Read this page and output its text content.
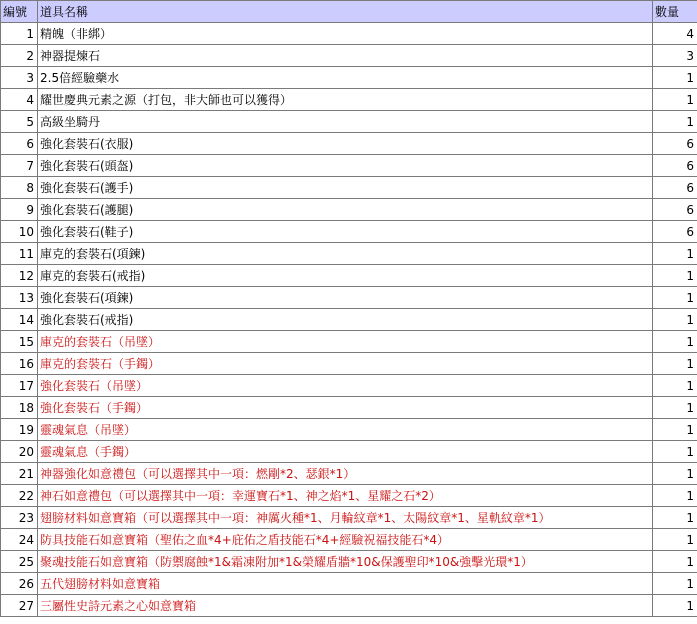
編號	道具名稱	數量
1	精魄（非綁）	4
2	神器提煉石	3
3	2.5倍經驗藥水	1
4	耀世慶典元素之源（打包，非大師也可以獲得）	1
5	高級坐騎丹	1
6	強化套裝石(衣服)	6
7	強化套裝石(頭盔)	6
8	強化套裝石(護手)	6
9	強化套裝石(護腿)	6
10	強化套裝石(鞋子)	6
11	庫克的套裝石(項鍊)	1
12	庫克的套裝石(戒指)	1
13	強化套裝石(項鍊)	1
14	強化套裝石(戒指)	1
15	庫克的套裝石（吊墜）	1
16	庫克的套裝石（手鐲）	1
17	強化套裝石（吊墜）	1
18	強化套裝石（手鐲）	1
19	靈魂氣息（吊墜）	1
20	靈魂氣息（手鐲）	1
21	神器強化如意禮包（可以選擇其中一項：燃剛*2、瑟銀*1）	1
22	神石如意禮包（可以選擇其中一項：幸運寶石*1、神之焰*1、星耀之石*2）	1
23	翅膀材料如意寶箱（可以選擇其中一項：神厲火種*1、月輪紋章*1、太陽紋章*1、星軌紋章*1）	1
24	防具技能石如意寶箱（聖佑之血*4+庇佑之盾技能石*4+經驗祝福技能石*4）	1
25	聚魂技能石如意寶箱（防禦腐蝕*1&霜凍附加*1&榮耀盾牆*10&保護聖印*10&強擊光環*1）	1
26	五代翅膀材料如意寶箱	1
27	三屬性史詩元素之心如意寶箱	1
